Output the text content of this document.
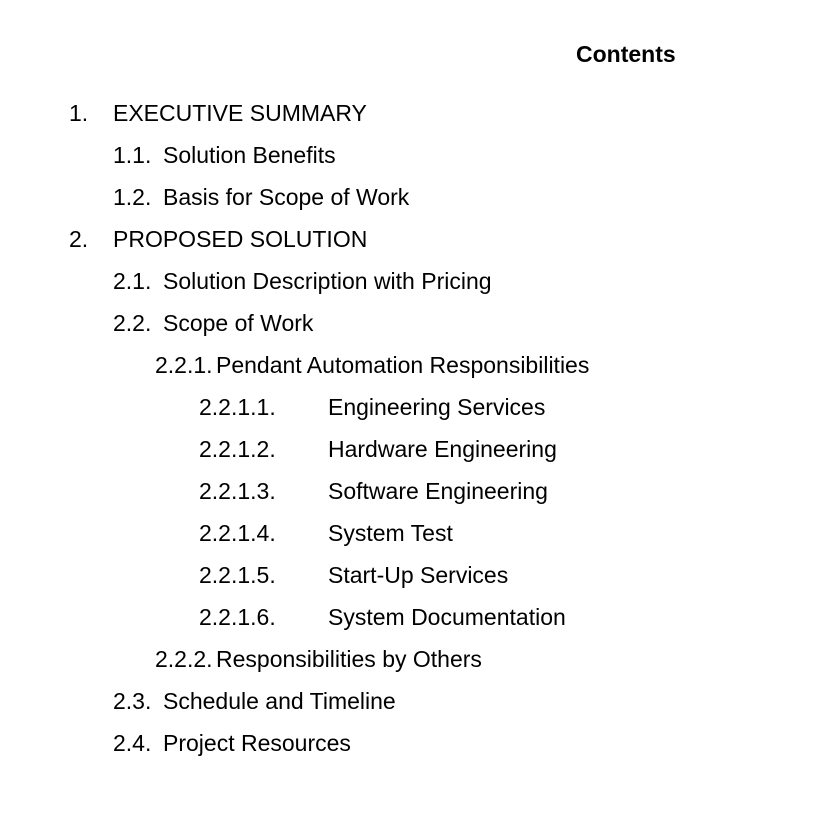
Contents
1. EXECUTIVE SUMMARY
1.1. Solution Benefits
1.2. Basis for Scope of Work
2. PROPOSED SOLUTION
2.1. Solution Description with Pricing
2.2. Scope of Work
2.2.1. Pendant Automation Responsibilities
2.2.1.1. Engineering Services
2.2.1.2. Hardware Engineering
2.2.1.3. Software Engineering
2.2.1.4. System Test
2.2.1.5. Start-Up Services
2.2.1.6. System Documentation
2.2.2. Responsibilities by Others
2.3. Schedule and Timeline
2.4. Project Resources
